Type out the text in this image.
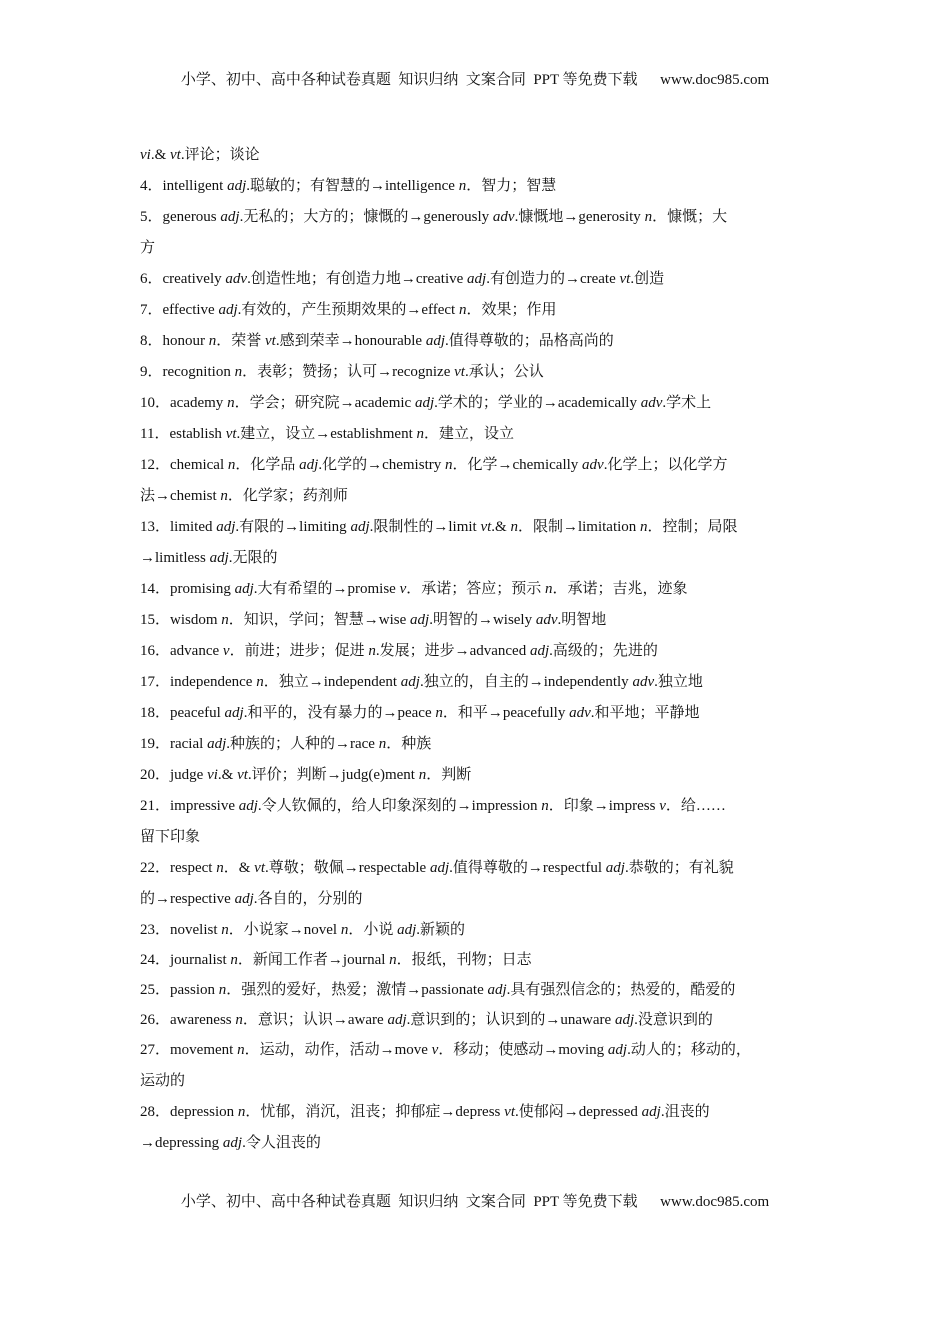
小学、初中、高中各种试卷真题  知识归纳  文案合同  PPT 等免费下载      www.doc985.com
vi.& vt.评论；谈论
4．intelligent adj.聪敏的；有智慧的→intelligence n．智力；智慧
5．generous adj.无私的；大方的；慷慨的→generously adv.慷慨地→generosity n．慷慨；大
方
6．creatively adv.创造性地；有创造力地→creative adj.有创造力的→create vt.创造
7．effective adj.有效的，产生预期效果的→effect n．效果；作用
8．honour n．荣誉 vt.感到荣幸→honourable adj.值得尊敬的；品格高尚的
9．recognition n．表彰；赞扬；认可→recognize vt.承认；公认
10．academy n．学会；研究院→academic adj.学术的；学业的→academically adv.学术上
11．establish vt.建立，设立→establishment n．建立，设立
12．chemical n．化学品 adj.化学的→chemistry n．化学→chemically adv.化学上；以化学方
法→chemist n．化学家；药剂师
13．limited adj.有限的→limiting adj.限制性的→limit vt.& n．限制→limitation n．控制；局限
→limitless adj.无限的
14．promising adj.大有希望的→promise v．承诺；答应；预示 n．承诺；吉兆，迹象
15．wisdom n．知识，学问；智慧→wise adj.明智的→wisely adv.明智地
16．advance v．前进；进步；促进 n.发展；进步→advanced adj.高级的；先进的
17．independence n．独立→independent adj.独立的，自主的→independently adv.独立地
18．peaceful adj.和平的，没有暴力的→peace n．和平→peacefully adv.和平地；平静地
19．racial adj.种族的；人种的→race n．种族
20．judge vi.& vt.评价；判断→judg(e)ment n．判断
21．impressive adj.令人钦佩的，给人印象深刻的→impression n．印象→impress v．给……
留下印象
22．respect n．& vt.尊敬；敬佩→respectable adj.值得尊敬的→respectful adj.恭敬的；有礼貌
的→respective adj.各自的，分别的
23．novelist n．小说家→novel n．小说 adj.新颖的
24．journalist n．新闻工作者→journal n．报纸，刊物；日志
25．passion n．强烈的爱好，热爱；激情→passionate adj.具有强烈信念的；热爱的，酷爱的
26．awareness n．意识；认识→aware adj.意识到的；认识到的→unaware adj.没意识到的
27．movement n．运动，动作，活动→move v．移动；使感动→moving adj.动人的；移动的，
运动的
28．depression n．忧郁，消沉，沮丧；抑郁症→depress vt.使郁闷→depressed adj.沮丧的
→depressing adj.令人沮丧的
小学、初中、高中各种试卷真题  知识归纳  文案合同  PPT 等免费下载      www.doc985.com
